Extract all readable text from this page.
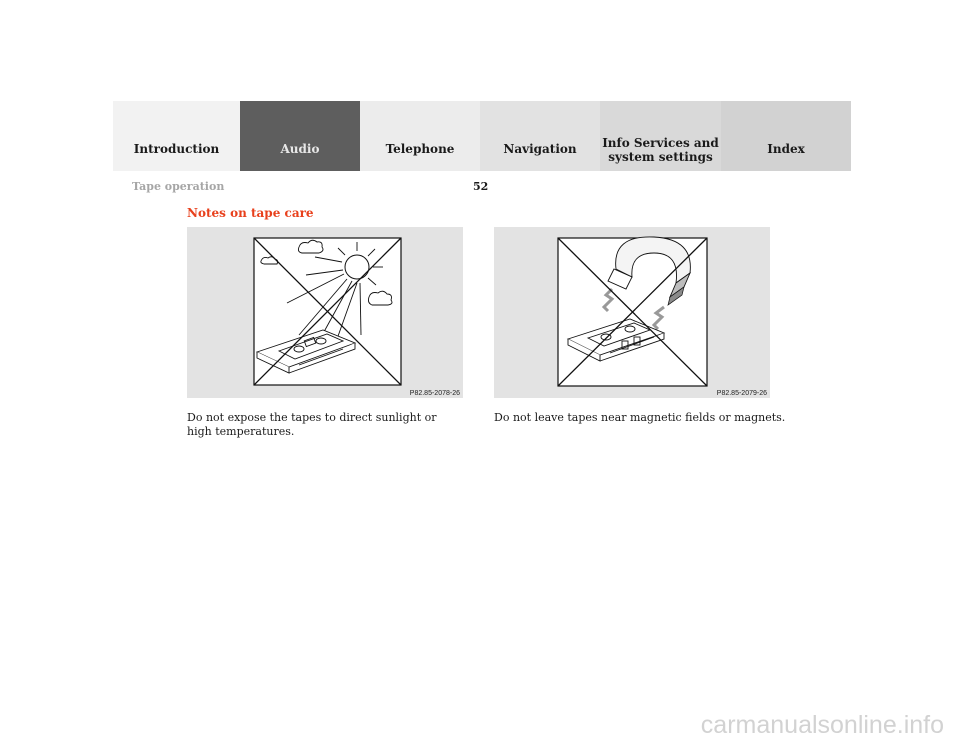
Introduction	Audio	Telephone	Navigation Info Services and
system settings
Index
Tape operation	52
Notes on tape care
P82.85-2078-26	P82.85-2079-26
Do not expose the tapes to direct sunlight or high temperatures.
Do not leave tapes near magnetic fields or magnets.
carmanualsonline.info
